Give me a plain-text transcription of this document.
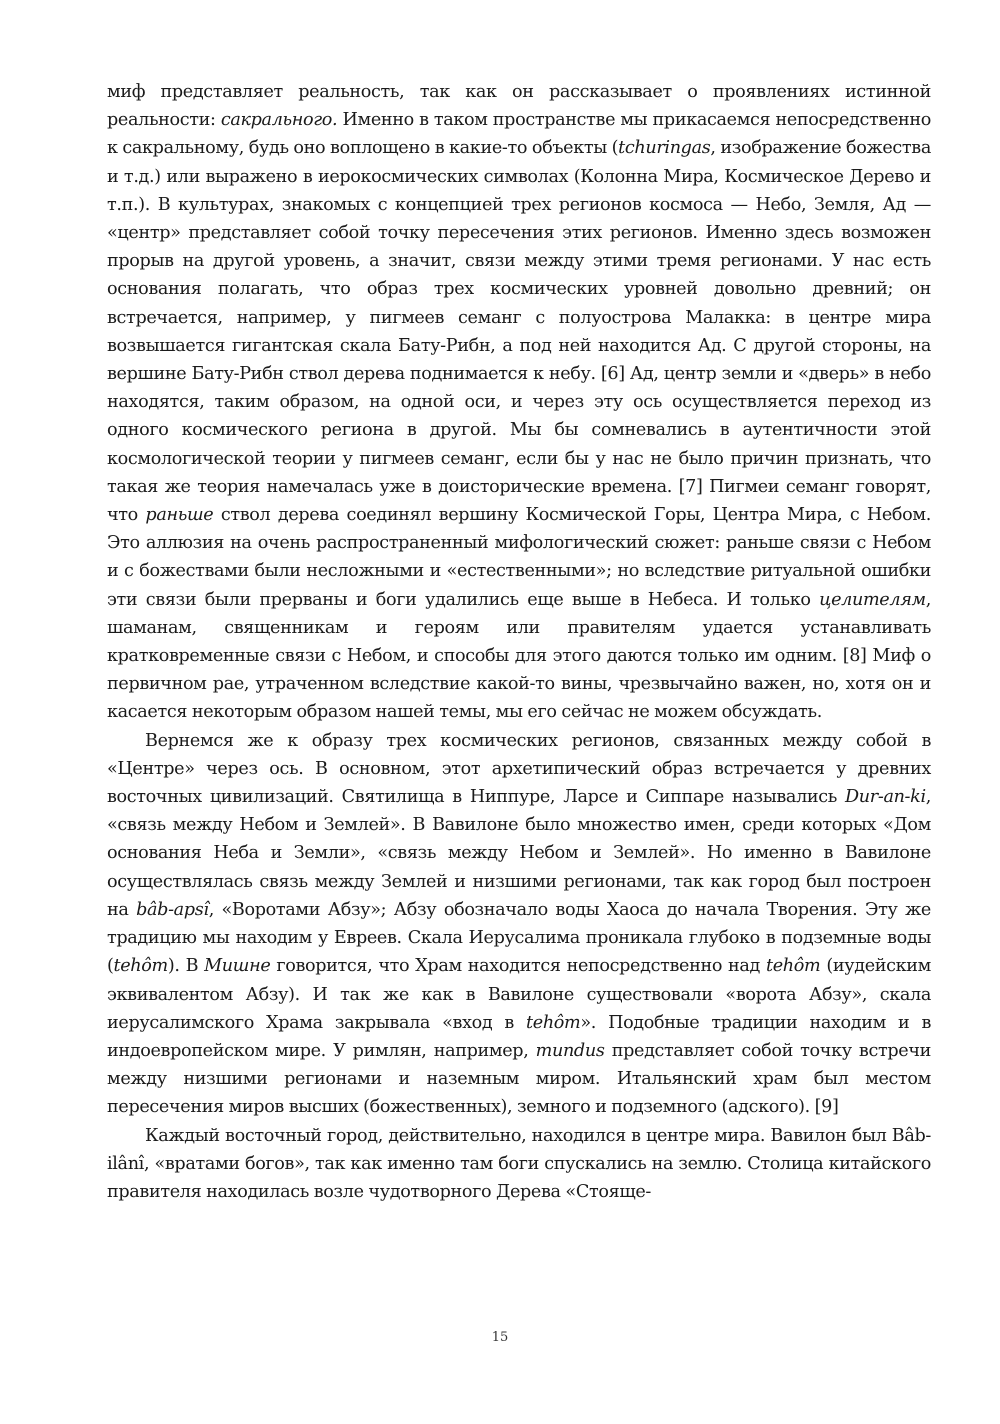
миф представляет реальность, так как он рассказывает о проявлениях истинной реальности: сакрального. Именно в таком пространстве мы прикасаемся непосредственно к сакральному, будь оно воплощено в какие-то объекты (tchuringas, изображение божества и т.д.) или выражено в иерокосмических символах (Колонна Мира, Космическое Дерево и т.п.). В культурах, знакомых с концепцией трех регионов космоса — Небо, Земля, Ад — «центр» представляет собой точку пересечения этих регионов. Именно здесь возможен прорыв на другой уровень, а значит, связи между этими тремя регионами. У нас есть основания полагать, что образ трех космических уровней довольно древний; он встречается, например, у пигмеев семанг с полуострова Малакка: в центре мира возвышается гигантская скала Бату-Рибн, а под ней находится Ад. С другой стороны, на вершине Бату-Рибн ствол дерева поднимается к небу. [6] Ад, центр земли и «дверь» в небо находятся, таким образом, на одной оси, и через эту ось осуществляется переход из одного космического региона в другой. Мы бы сомневались в аутентичности этой космологической теории у пигмеев семанг, если бы у нас не было причин признать, что такая же теория намечалась уже в доисторические времена. [7] Пигмеи семанг говорят, что раньше ствол дерева соединял вершину Космической Горы, Центра Мира, с Небом. Это аллюзия на очень распространенный мифологический сюжет: раньше связи с Небом и с божествами были несложными и «естественными»; но вследствие ритуальной ошибки эти связи были прерваны и боги удалились еще выше в Небеса. И только целителям, шаманам, священникам и героям или правителям удается устанавливать кратковременные связи с Небом, и способы для этого даются только им одним. [8] Миф о первичном рае, утраченном вследствие какой-то вины, чрезвычайно важен, но, хотя он и касается некоторым образом нашей темы, мы его сейчас не можем обсуждать.

Вернемся же к образу трех космических регионов, связанных между собой в «Центре» через ось. В основном, этот архетипический образ встречается у древних восточных цивилизаций. Святилища в Ниппуре, Ларсе и Сиппаре назывались Dur-an-ki, «связь между Небом и Землей». В Вавилоне было множество имен, среди которых «Дом основания Неба и Земли», «связь между Небом и Землей». Но именно в Вавилоне осуществлялась связь между Землей и низшими регионами, так как город был построен на bâb-apsî, «Воротами Абзу»; Абзу обозначало воды Хаоса до начала Творения. Эту же традицию мы находим у Евреев. Скала Иерусалима проникала глубоко в подземные воды (tehôm). В Мишне говорится, что Храм находится непосредственно над tehôm (иудейским эквивалентом Абзу). И так же как в Вавилоне существовали «ворота Абзу», скала иерусалимского Храма закрывала «вход в tehôm». Подобные традиции находим и в индоевропейском мире. У римлян, например, mundus представляет собой точку встречи между низшими регионами и наземным миром. Итальянский храм был местом пересечения миров высших (божественных), земного и подземного (адского). [9]

Каждый восточный город, действительно, находился в центре мира. Вавилон был Bâb-ilânî, «вратами богов», так как именно там боги спускались на землю. Столица китайского правителя находилась возле чудотворного Дерева «Стояще-

15
